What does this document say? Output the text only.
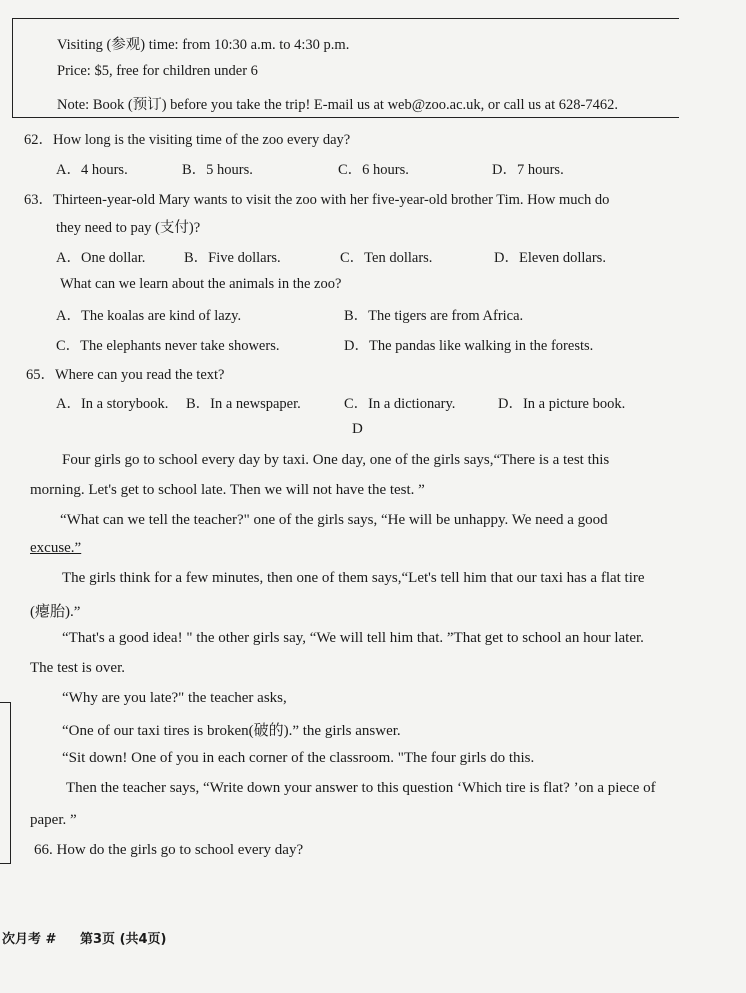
Visiting (参观) time: from 10:30 a.m. to 4:30 p.m.
Price: $5, free for children under 6
Note: Book (预订) before you take the trip! E-mail us at web@zoo.ac.uk, or call us at 628-7462.
62．How long is the visiting time of the zoo every day?
A．4 hours.	B．5 hours.	C．6 hours.	D．7 hours.
63．Thirteen-year-old Mary wants to visit the zoo with her five-year-old brother Tim. How much do
they need to pay (支付)?
A．One dollar.	B．Five dollars.	C．Ten dollars.	D．Eleven dollars.
What can we learn about the animals in the zoo?
A．The koalas are kind of lazy.	B．The tigers are from Africa.
C．The elephants never take showers.	D．The pandas like walking in the forests.
65．Where can you read the text?
A．In a storybook. B．In a newspaper.	C．In a dictionary.	D．In a picture book.
D
Four girls go to school every day by taxi. One day, one of the girls says,“There is a test this
morning. Let's get to school late. Then we will not have the test. ”
“What can we tell the teacher?" one of the girls says, “He will be unhappy. We need a good
excuse.”
The girls think for a few minutes, then one of them says,“Let's tell him that our taxi has a flat tire
(瘪胎).”
“That's a good idea! " the other girls say, “We will tell him that. ”That get to school an hour later.
The test is over.
“Why are you late?" the teacher asks,
“One of our taxi tires is broken(破的).” the girls answer.
“Sit down! One of you in each corner of the classroom. "The four girls do this.
Then the teacher says, “Write down your answer to this question ‘Which tire is flat? ’on a piece of
paper. ”
66. How do the girls go to school every day?
次月考 # 第3页 (共4页)
